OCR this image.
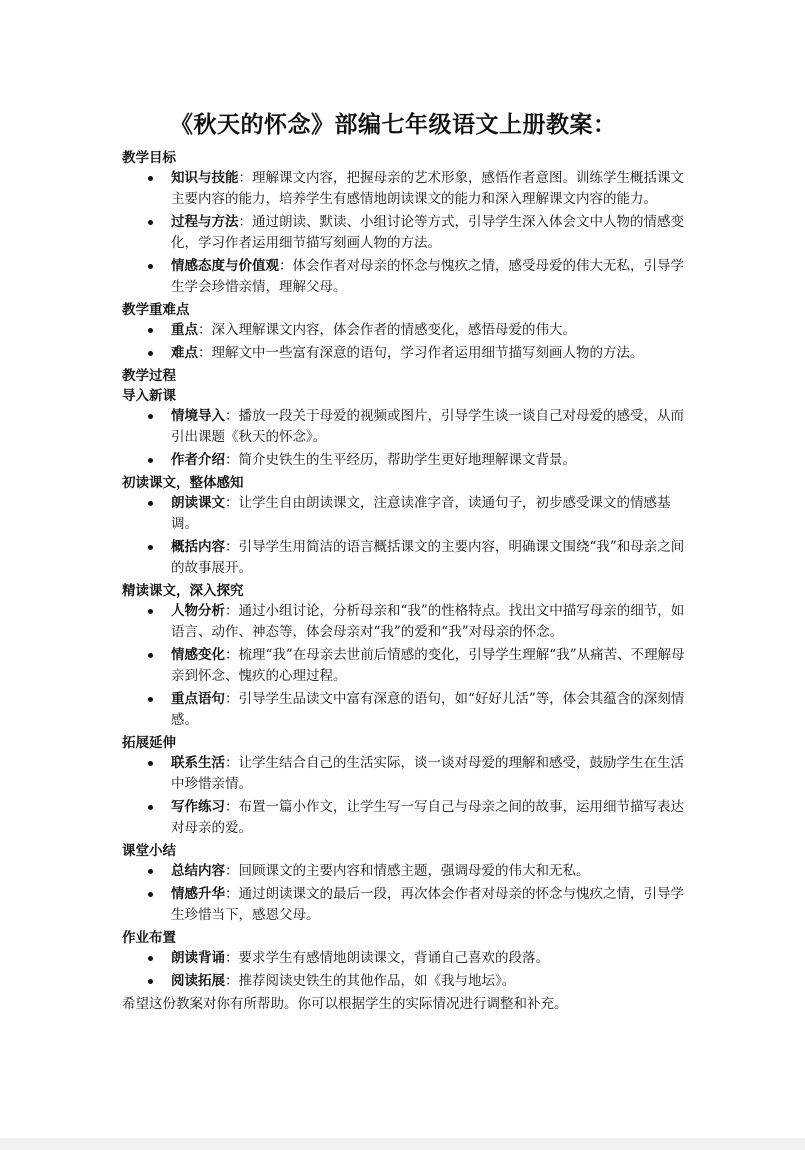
《秋天的怀念》部编七年级语文上册教案：

教学目标

知识与技能：理解课文内容，把握母亲的艺术形象，感悟作者意图。训练学生概括课文主要内容的能力，培养学生有感情地朗读课文的能力和深入理解课文内容的能力。
过程与方法：通过朗读、默读、小组讨论等方式，引导学生深入体会文中人物的情感变化，学习作者运用细节描写刻画人物的方法。
情感态度与价值观：体会作者对母亲的怀念与愧疚之情，感受母爱的伟大无私，引导学生学会珍惜亲情，理解父母。

教学重难点

重点：深入理解课文内容，体会作者的情感变化，感悟母爱的伟大。
难点：理解文中一些富有深意的语句，学习作者运用细节描写刻画人物的方法。

教学过程

导入新课

情境导入：播放一段关于母爱的视频或图片，引导学生谈一谈自己对母爱的感受，从而引出课题《秋天的怀念》。
作者介绍：简介史铁生的生平经历，帮助学生更好地理解课文背景。

初读课文，整体感知

朗读课文：让学生自由朗读课文，注意读准字音，读通句子，初步感受课文的情感基调。
概括内容：引导学生用简洁的语言概括课文的主要内容，明确课文围绕“我”和母亲之间的故事展开。

精读课文，深入探究

人物分析：通过小组讨论，分析母亲和“我”的性格特点。找出文中描写母亲的细节，如语言、动作、神态等，体会母亲对“我”的爱和“我”对母亲的怀念。
情感变化：梳理“我”在母亲去世前后情感的变化，引导学生理解“我”从痛苦、不理解母亲到怀念、愧疚的心理过程。
重点语句：引导学生品读文中富有深意的语句，如“好好儿活”等，体会其蕴含的深刻情感。

拓展延伸

联系生活：让学生结合自己的生活实际，谈一谈对母爱的理解和感受，鼓励学生在生活中珍惜亲情。
写作练习：布置一篇小作文，让学生写一写自己与母亲之间的故事，运用细节描写表达对母亲的爱。

课堂小结

总结内容：回顾课文的主要内容和情感主题，强调母爱的伟大和无私。
情感升华：通过朗读课文的最后一段，再次体会作者对母亲的怀念与愧疚之情，引导学生珍惜当下，感恩父母。

作业布置

朗读背诵：要求学生有感情地朗读课文，背诵自己喜欢的段落。
阅读拓展：推荐阅读史铁生的其他作品，如《我与地坛》。

希望这份教案对你有所帮助。你可以根据学生的实际情况进行调整和补充。
